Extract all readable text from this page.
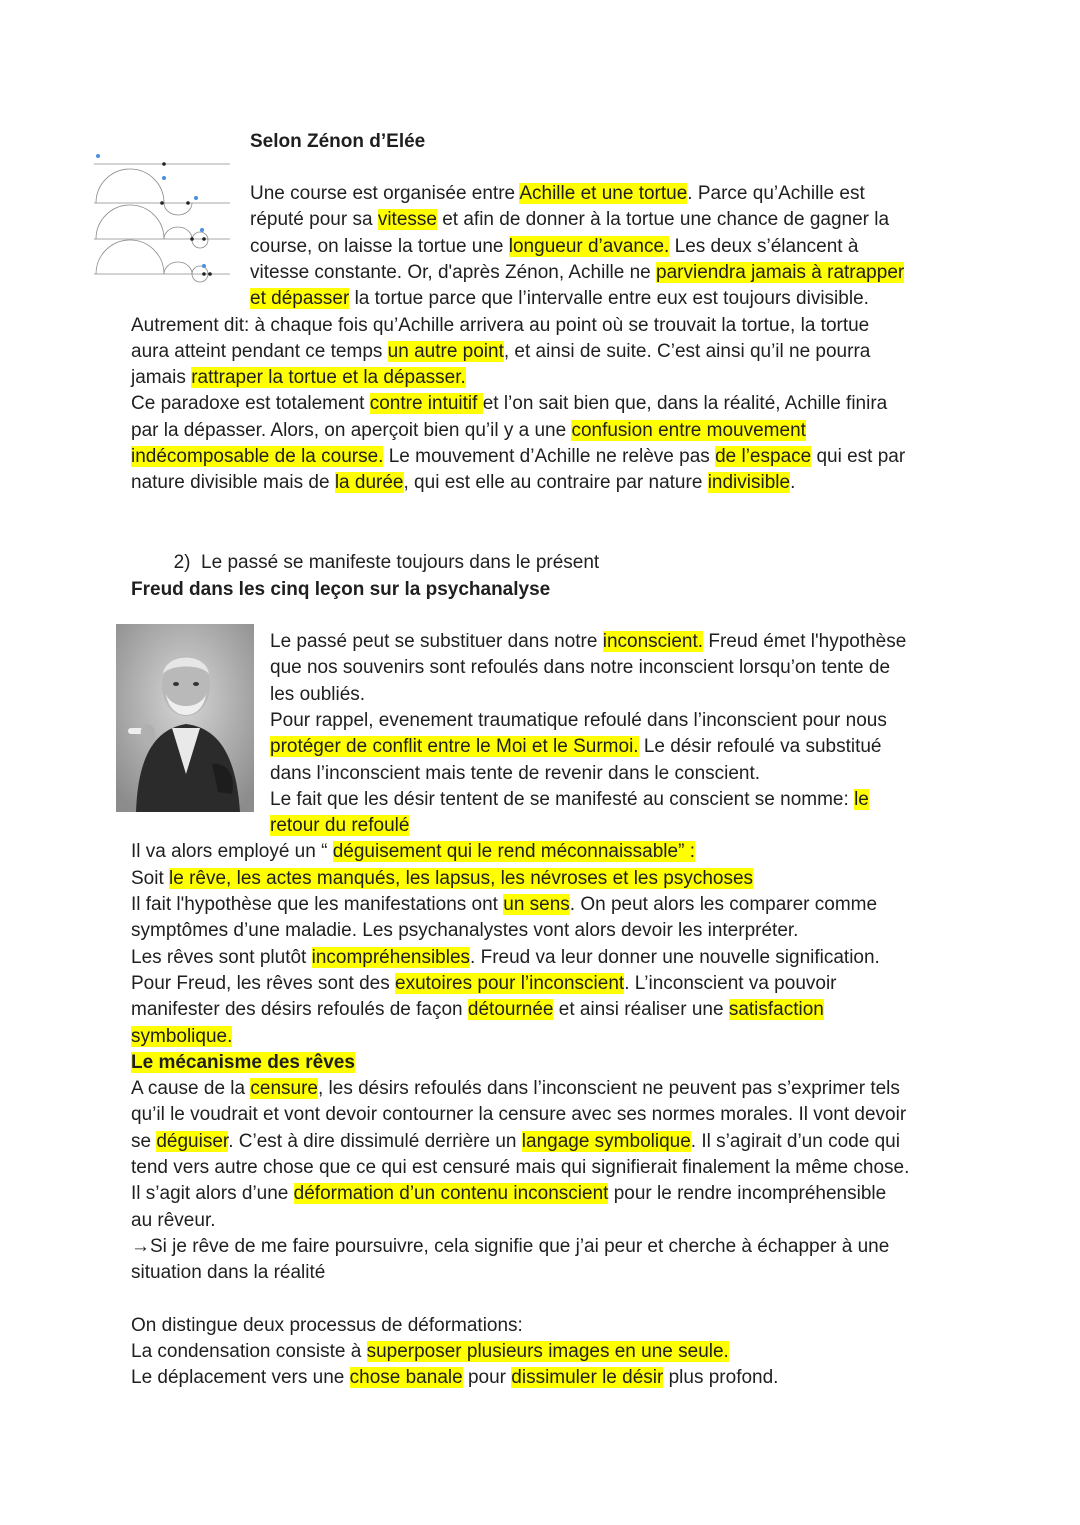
Selon Zénon d’Elée
Une course est organisée entre Achille et une tortue. Parce qu’Achille est
réputé pour sa vitesse et afin de donner à la tortue une chance de gagner la
course, on laisse la tortue une longueur d’avance. Les deux s’élancent à
vitesse constante. Or, d'après Zénon, Achille ne parviendra jamais à ratrapper
et dépasser la tortue parce que l’intervalle entre eux est toujours divisible.
Autrement dit: à chaque fois qu’Achille arrivera au point où se trouvait la tortue, la tortue
aura atteint pendant ce temps un autre point, et ainsi de suite. C’est ainsi qu’il ne pourra
jamais rattraper la tortue et la dépasser.
Ce paradoxe est totalement contre intuitif et l’on sait bien que, dans la réalité, Achille finira
par la dépasser. Alors, on aperçoit bien qu’il y a une confusion entre mouvement
indécomposable de la course. Le mouvement d’Achille ne relève pas de l’espace qui est par
nature divisible mais de la durée, qui est elle au contraire par nature indivisible.

2) Le passé se manifeste toujours dans le présent

Freud dans les cinq leçon sur la psychanalyse
Le passé peut se substituer dans notre inconscient. Freud émet l'hypothèse
que nos souvenirs sont refoulés dans notre inconscient lorsqu’on tente de
les oubliés.
Pour rappel, evenement traumatique refoulé dans l’inconscient pour nous
protéger de conflit entre le Moi et le Surmoi. Le désir refoulé va substitué
dans l’inconscient mais tente de revenir dans le conscient.
Le fait que les désir tentent de se manifesté au conscient se nomme: le
retour du refoulé
Il va alors employé un “ déguisement qui le rend méconnaissable” :
Soit le rêve, les actes manqués, les lapsus, les névroses et les psychoses
Il fait l'hypothèse que les manifestations ont un sens. On peut alors les comparer comme
symptômes d’une maladie. Les psychanalystes vont alors devoir les interpréter.
Les rêves sont plutôt incompréhensibles. Freud va leur donner une nouvelle signification.
Pour Freud, les rêves sont des exutoires pour l’inconscient. L’inconscient va pouvoir
manifester des désirs refoulés de façon détournée et ainsi réaliser une satisfaction
symbolique.
Le mécanisme des rêves
A cause de la censure, les désirs refoulés dans l’inconscient ne peuvent pas s’exprimer tels
qu’il le voudrait et vont devoir contourner la censure avec ses normes morales. Il vont devoir
se déguiser. C’est à dire dissimulé derrière un langage symbolique. Il s’agirait d’un code qui
tend vers autre chose que ce qui est censuré mais qui signifierait finalement la même chose.
Il s’agit alors d’une déformation d’un contenu inconscient pour le rendre incompréhensible
au rêveur.
→Si je rêve de me faire poursuivre, cela signifie que j’ai peur et cherche à échapper à une
situation dans la réalité
On distingue deux processus de déformations:
La condensation consiste à superposer plusieurs images en une seule.
Le déplacement vers une chose banale pour dissimuler le désir plus profond.
